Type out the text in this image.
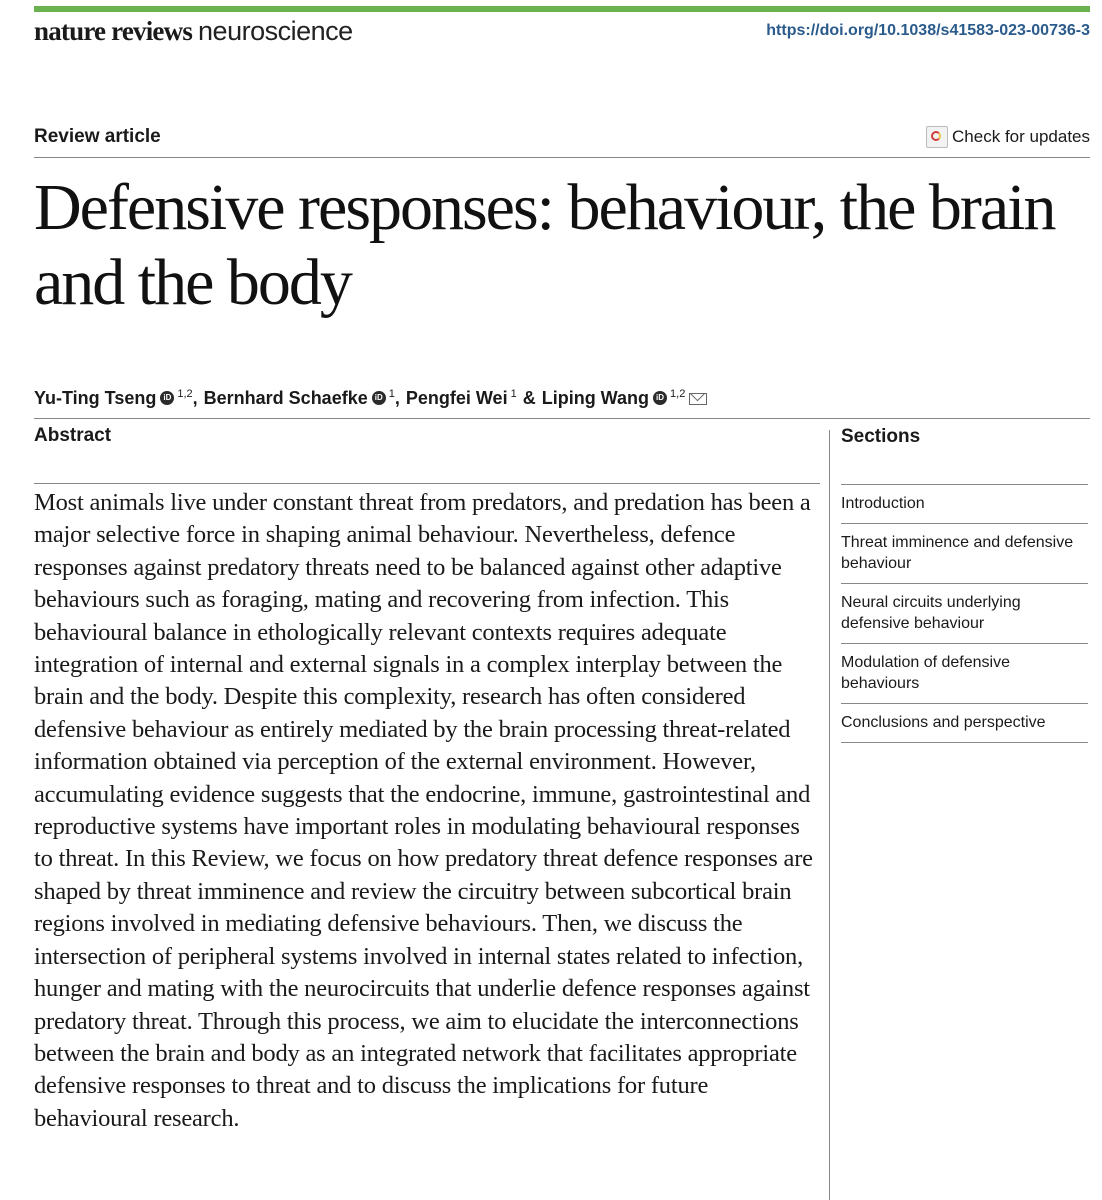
nature reviews neuroscience	https://doi.org/10.1038/s41583-023-00736-3
Review article	Check for updates
Defensive responses: behaviour, the brain and the body
Yu-Ting Tseng iD $^{1,2}$ , Bernhard Schaefke iD $^1$ , Pengfei Wei $^1$ & Liping Wang iD $^{1,2}$
Abstract

Most animals live under constant threat from predators, and predation has been a major selective force in shaping animal behaviour. Nevertheless, defence responses against predatory threats need to be balanced against other adaptive behaviours such as foraging, mating and recovering from infection. This behavioural balance in ethologically relevant contexts requires adequate integration of internal and external signals in a complex interplay between the brain and the body. Despite this complexity, research has often considered defensive behaviour as entirely mediated by the brain processing threat-related information obtained via perception of the external environment. However, accumulating evidence suggests that the endocrine, immune, gastrointestinal and reproductive systems have important roles in modulating behavioural responses to threat. In this Review, we focus on how predatory threat defence responses are shaped by threat imminence and review the circuitry between subcortical brain regions involved in mediating defensive behaviours. Then, we discuss the intersection of peripheral systems involved in internal states related to infection, hunger and mating with the neurocircuits that underlie defence responses against predatory threat. Through this process, we aim to elucidate the interconnections between the brain and body as an integrated network that facilitates appropriate defensive responses to threat and to discuss the implications for future behavioural research.

Sections
Introduction
Threat imminence and defensive behaviour
Neural circuits underlying defensive behaviour
Modulation of defensive behaviours
Conclusions and perspective
